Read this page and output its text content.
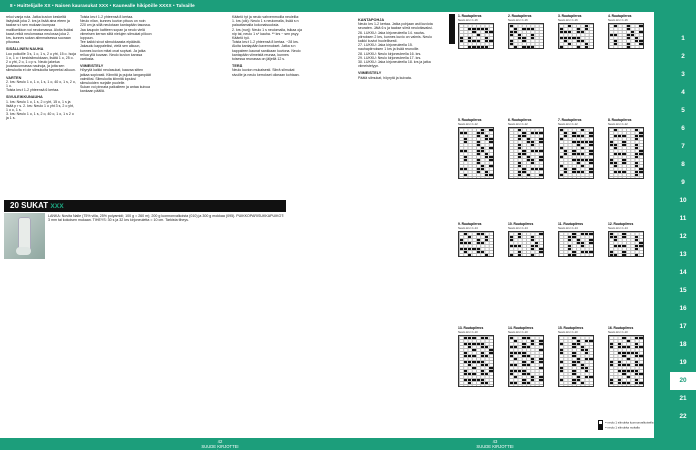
8 • Huittelijalle XX • Naisen kaurasukat XXX • Kaunealle hikipöille XXXX • Talvaille

rekoi vanja ruta. Jatka kuvion keskeltä lisäyksiä joka 2. krs ja lisää aina eteen ja taakse s:t sen mukaan kumpaa mallilueikkon voi neulomassa. Aloita lisäksi kaavi-reikä neulomassa neulossa joka 2. krs, kunnes sukan alimmaisessa suoraan pituussa.

SISÄLLINEN NAUHA

Luo puikoille 3 s, 1 o, 1 s, 2 o yht, 15 o. Isoja 1 o, 1 o: t keskisilmukkaan, lisätä 1 o, 25 o. 2 o yht, 2 o, 1 o p s. Neulo jakelua joukasuunnassa nauhoja, ja jotta sen silmukoita ei ole silmukoita tarpeeksi alkuun.

VARTEN

2. krs: Neulo 1 o, 1 o, 1 s, 1 o, 40 o, 1 s, 2 o, 1 o.

Toista krs:t 1-2 yhteensä 6 kertaa.

SIVULEIKKUNAUHA

1. krs: Neulo 1 o, 1 s, 2 o yht, 15 o, 1 s ja lisää p r s. 2. krs: Neulo 1 o yht 3 s, 2 o yht, 1 o o, 1 s.

3. krs: Neulo 1 o, 1 s, 2 o, 40 o, 1 o, 1 s 2 o ja 1 s.

Toista krs:t 1-2 yhteensä 8 kertaa.

Neulo nilan, kunnes kuvion pituus on noin 220 cm ja sillä neulotaan kantapään tasossa. Jaa kaupoin kaltteen sopan ja neulo vielä viimeisen kerran siltä nielujen silmukat piiloon loppuun.

Tee kaikki sivut silmukkaasta eipäästä. Jakaudu kappaleiksi, vielä sen alkuun, kunnes kuvion mitat ovat sopivat. Ja jatka reilua yllä kuvaan. Neulo kuvion kanssa vartiosta.

VIIMEISTELY

Höyrytä kaikki neulasukat, kaavaa sitten jatkaa sopivasti. Kiinnitä ja pujota langanpäät valmiiksi. Silmukoita kiinnitä lopuksi silmukoiden nurjalle puolelle.

Sukan voi pinnata paikalleen ja antaa kuivua kankaan päällä.

Kääntö tyt ja neulo vahvemmoilla neuleilla:

1. krs (oik): Neulo 1 s neulomalla, lisää s:n palauttamalla kokonaisuuksia.

2. krs (nurj): Neulo 1 s neulomalla, tsikaa oja nip tai, neulo 1 s* kauha. ** krs ~ sen psyy. Kääntö työ.

Toista krs:t 1-2 yhteensä 8 kertaa. ~28 krs.

Aloita kantapään kavennukset. Jatka s:n kappaleen kaunat sankkaan kuviona. Neulo kantapään viimeistä reunaa, kunnes toisessa reunassa on jäljellä 12 s.

TERÄ

Neulo kuvion mukaisesti. Siirrä silmukat sivuille ja neulo kerrokset oikeaan kohtaan.

KANTAPOHJA

Neulo krs 1-2 kertaa. Jatka pohjaan asti kuviota seuraten. Jätä 6 s ja taakse siirrä neulottavaksi.

26. LUKKU: Jaka kirjoneuleella 14. nauha-piirroksen 2 krs, kunnes kuvio on valmis. Neulo kaikki kuviot huolellisesti.

27. LUKKU: Jaka kirjoneuleella 15. nauhapiirroksen 1 krs ja lisää reunoille.

28. LUKKU: Neulo kirjoneuleella 16. krs.

29. LUKKU: Neulo kirjoneuleella 17. krs.

30. LUKKU: Jaka kirjoneuleella 18. krs ja jatka viimeistelyyn.

VIIMEISTELY

Päätä silmukat, höyrytä ja kuivata.

20 SUKAT xxx
LANKA: Novita Nalle (75% villa, 25% polyamidi; 100 g = 260 m); 200 g luonnonvalkoista (010) ja 300 g mokkaa (095). PUIKKOPARISUKKAPUIKOT: 3 mm tai kokoisen mukaan. TIHEYS: 30 s ja 32 krs kirjoneuletta = 10 cm. Tarkista tiheys.
1. Ruutupiirros
Neulo krs:t 1-16
2. Ruutupiirros
Neulo krs:t 1-16
3. Ruutupiirros
Neulo krs:t 1-16
4. Ruutupiirros
Neulo krs:t 1-16
5. Ruutupiirros
Neulo krs:t 1-12
6. Ruutupiirros
Neulo krs:t 1-12
7. Ruutupiirros
Neulo krs:t 1-12
8. Ruutupiirros
Neulo krs:t 1-12
9. Ruutupiirros
Neulo krs:t 1-14
10. Ruutupiirros
Neulo krs:t 1-14
11. Ruutupiirros
Neulo krs:t 1-14
12. Ruutupiirros
Neulo krs:t 1-14
13. Ruutupiirros
Neulo krs:t 1-10
14. Ruutupiirros
Neulo krs:t 1-10
15. Ruutupiirros
Neulo krs:t 1-10
16. Ruutupiirros
Neulo krs:t 1-10
= neulo 1 silmukka luonnonvalkoisella
= neulo 1 silmukka mokalla
1
2
3
4
5
6
7
8
9
10
11
12
13
14
15
16
17
18
19
20
21
22
42
SUUDE KIRJOTTEI 11/2020
43
SUUDE KIRJOTTEI 11/2020
